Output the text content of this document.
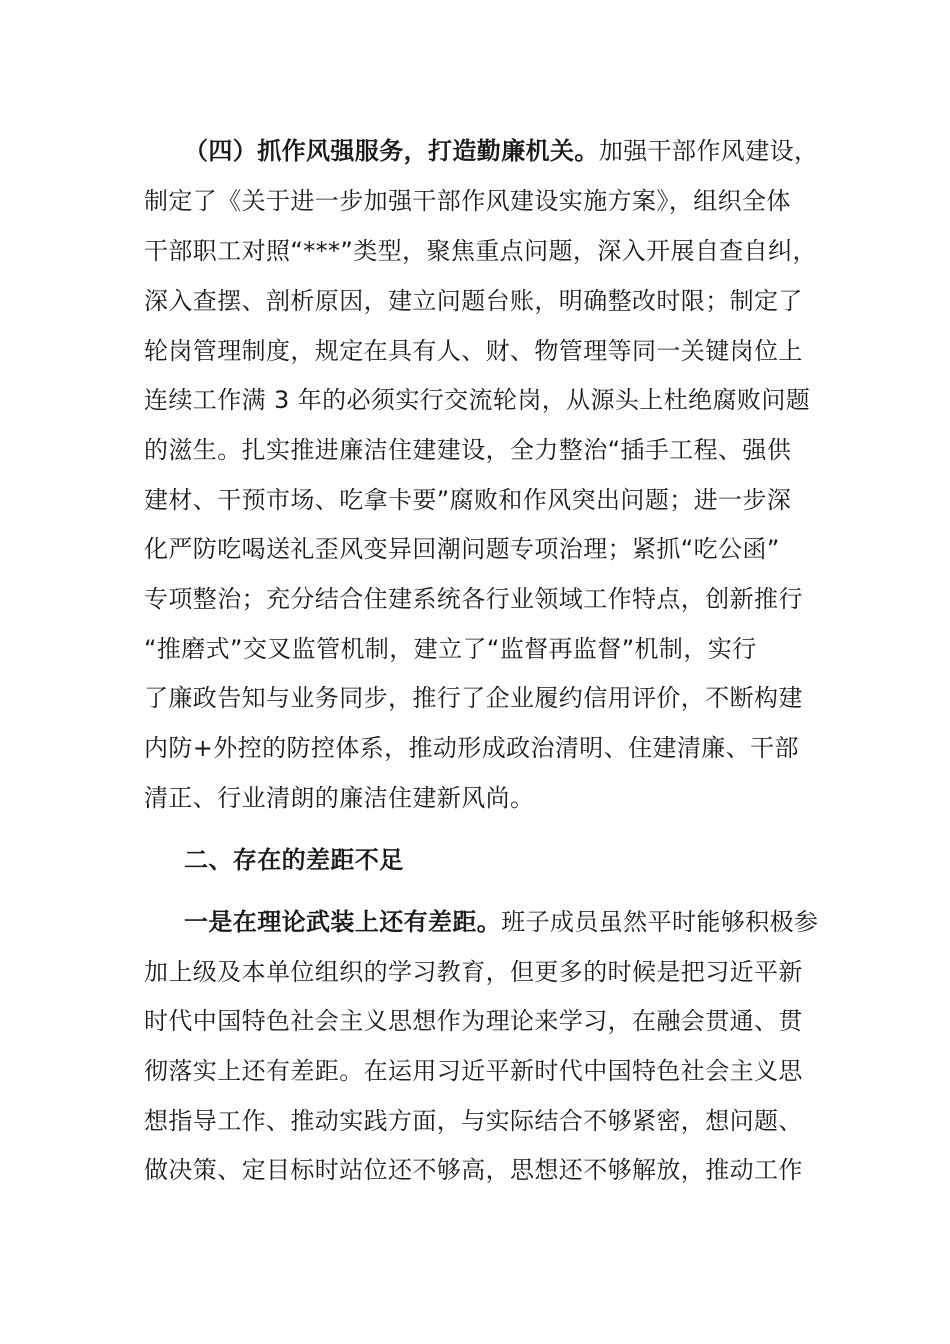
（四）抓作风强服务，打造勤廉机关。加强干部作风建设，
制定了《关于进一步加强干部作风建设实施方案》，组织全体
干部职工对照“***”类型，聚焦重点问题，深入开展自查自纠，
深入查摆、剖析原因，建立问题台账，明确整改时限；制定了
轮岗管理制度，规定在具有人、财、物管理等同一关键岗位上
连续工作满 3 年的必须实行交流轮岗，从源头上杜绝腐败问题
的滋生。扎实推进廉洁住建建设，全力整治“插手工程、强供
建材、干预市场、吃拿卡要”腐败和作风突出问题；进一步深
化严防吃喝送礼歪风变异回潮问题专项治理；紧抓“吃公函”
专项整治；充分结合住建系统各行业领域工作特点，创新推行
“推磨式”交叉监管机制，建立了“监督再监督”机制，实行
了廉政告知与业务同步，推行了企业履约信用评价，不断构建
内防+外控的防控体系，推动形成政治清明、住建清廉、干部
清正、行业清朗的廉洁住建新风尚。
二、存在的差距不足
一是在理论武装上还有差距。班子成员虽然平时能够积极参
加上级及本单位组织的学习教育，但更多的时候是把习近平新
时代中国特色社会主义思想作为理论来学习，在融会贯通、贯
彻落实上还有差距。在运用习近平新时代中国特色社会主义思
想指导工作、推动实践方面，与实际结合不够紧密，想问题、
做决策、定目标时站位还不够高，思想还不够解放，推动工作
